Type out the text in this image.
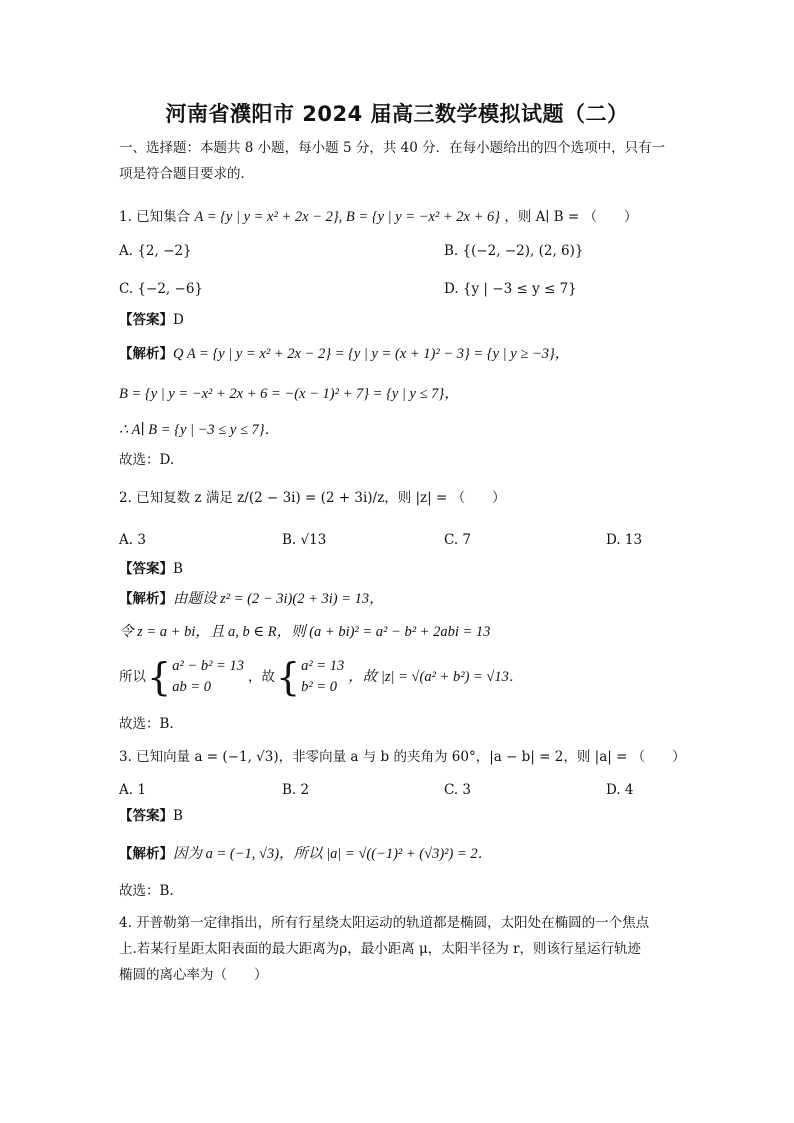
河南省濮阳市 2024 届高三数学模拟试题（二）
一、选择题：本题共 8 小题，每小题 5 分，共 40 分．在每小题给出的四个选项中，只有一
项是符合题目要求的．
1. 已知集合 A = {y | y = x² + 2x − 2}, B = {y | y = −x² + 2x + 6} ，则 A∣ B = （　　）
A. {2, −2}	B. {(−2, −2), (2, 6)}
C. {−2, −6}	D. {y | −3 ≤ y ≤ 7}
【答案】D
【解析】Q A = {y | y = x² + 2x − 2} = {y | y = (x + 1)² − 3} = {y | y ≥ −3}，
B = {y | y = −x² + 2x + 6 = −(x − 1)² + 7} = {y | y ≤ 7}，
∴ A∣ B = {y | −3 ≤ y ≤ 7}．
故选：D.
2. 已知复数 z 满足 z/(2 − 3i) = (2 + 3i)/z，则 |z| = （　　）
A. 3	B. √13	C. 7	D. 13
【答案】B
【解析】由题设 z² = (2 − 3i)(2 + 3i) = 13，
令 z = a + bi，且 a, b ∈ R，则 (a + bi)² = a² − b² + 2abi = 13
所以 { a² − b² = 13
ab = 0
，故 { a² = 13
b² = 0
，故 |z| = √(a² + b²) = √13．
故选：B.
3. 已知向量 a = (−1, √3)，非零向量 a 与 b 的夹角为 60°，|a − b| = 2，则 |a| = （　　）
A. 1	B. 2	C. 3	D. 4
【答案】B
【解析】因为 a = (−1, √3)，所以 |a| = √((−1)² + (√3)²) = 2．
故选：B.
4. 开普勒第一定律指出，所有行星绕太阳运动的轨道都是椭圆，太阳处在椭圆的一个焦点
上.若某行星距太阳表面的最大距离为ρ，最小距离 μ，太阳半径为 r，则该行星运行轨迹
椭圆的离心率为（　　）
